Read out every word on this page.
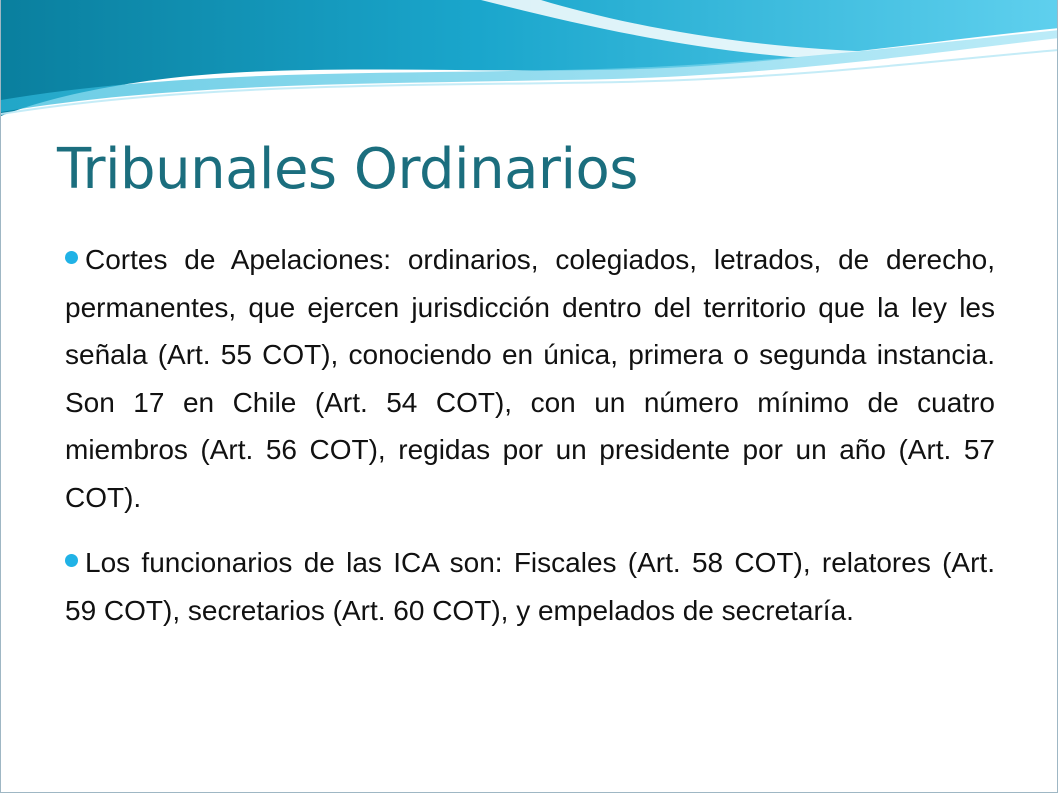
Tribunales Ordinarios
Cortes de Apelaciones: ordinarios, colegiados, letrados, de derecho, permanentes, que ejercen jurisdicción dentro del territorio que la ley les señala (Art. 55 COT), conociendo en única, primera o segunda instancia. Son 17 en Chile (Art. 54 COT), con un número mínimo de cuatro miembros (Art. 56 COT), regidas por un presidente por un año (Art. 57 COT).
Los funcionarios de las ICA son: Fiscales (Art. 58 COT), relatores (Art. 59 COT), secretarios (Art. 60 COT), y empelados de secretaría.
